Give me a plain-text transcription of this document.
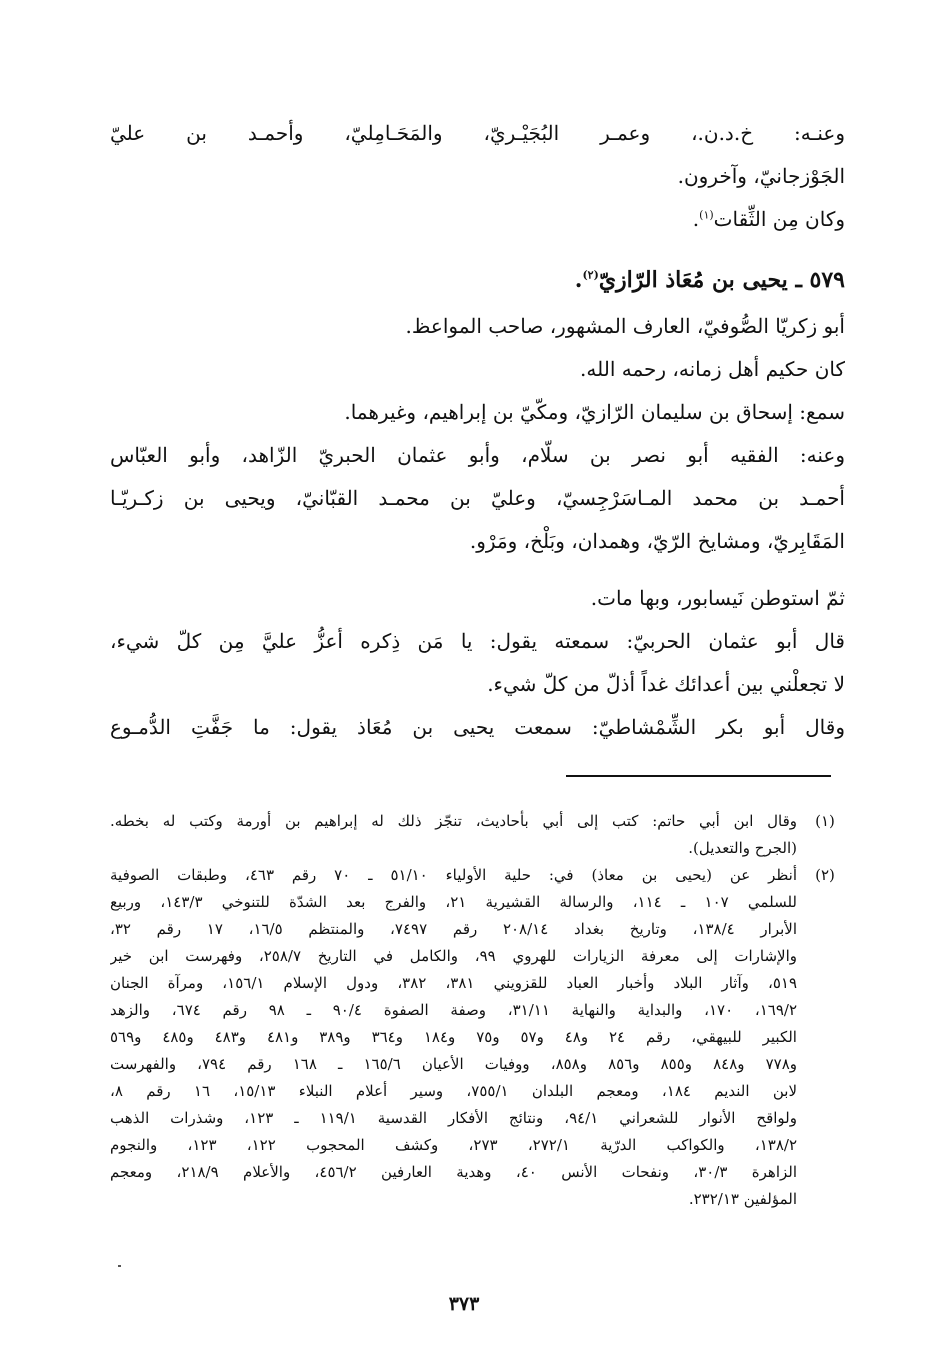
وعنـه: خ.د.ن.، وعمـر البُجَيْـريّ، والمَحَـامِليّ، وأحمـد بن عليّ
الجَوْزجانيّ، وآخرون.
وكان مِن الثِّقات$^{(١)}$.
٥٧٩ ـ يحيى بن مُعَاذ الرّازيّ$^{(٢)}$.
أبو زكريّا الصُّوفيّ، العارف المشهور، صاحب المواعظ.
كان حكيم أهل زمانه، رحمه الله.
سمع: إسحاق بن سليمان الرّازيّ، ومكّيّ بن إبراهيم، وغيرهما.
وعنه: الفقيه أبو نصر بن سلّام، وأبو عثمان الحبريّ الزّاهد، وأبو العبّاس
أحمـد بن محمد المـاسَرْجِسيّ، وعليّ بن محمـد القبّانيّ، ويحيى بن زكـريّـا
المَقَابِريّ، ومشايخ الرّيّ، وهمدان، وبَلْخ، ومَرْو.
ثمّ استوطن نَيسابور، وبها مات.
قال أبو عثمان الحربيّ: سمعته يقول: يا مَن ذِكره أعزُّ عليَّ مِن كلّ شيء،
لا تجعلْني بين أعدائك غداً أذلّ من كلّ شيء.
وقال أبو بكر الشِّمْشاطيّ: سمعت يحيى بن مُعَاذ يقول: ما جَفَّتِ الدُّمـوع
(١)
وقال ابن أبي حاتم: كتب إلى أبي بأحاديث، تنجّز ذلك له إبراهيم بن أورمة وكتب له بخطه.
(الجرح والتعديل).
(٢)
أنظر عن (يحيى بن معاذ) في: حلية الأولياء ٥١/١٠ ـ ٧٠ رقم ٤٦٣، وطبقات الصوفية
للسلمي ١٠٧ ـ ١١٤، والرسالة القشيرية ٢١، والفرج بعد الشدّة للتنوخي ١٤٣/٣، وربيع
الأبرار ١٣٨/٤، وتاريخ بغداد ٢٠٨/١٤ رقم ٧٤٩٧، والمنتظم ١٦/٥، ١٧ رقم ٣٢،
والإشارات إلى معرفة الزيارات للهروي ٩٩، والكامل في التاريخ ٢٥٨/٧، وفهرست ابن خير
٥١٩، وآثار البلاد وأخبار العباد للقزويني ٣٨١، ٣٨٢، ودول الإسلام ١٥٦/١، ومرآة الجنان
١٦٩/٢، ١٧٠، والبداية والنهاية ٣١/١١، وصفة الصفوة ٩٠/٤ ـ ٩٨ رقم ٦٧٤، والزهد
الكبير للبيهقي، رقم ٢٤ و٤٨ و٥٧ و٧٥ و١٨٤ و٣٦٤ و٣٨٩ و٤٨١ و٤٨٣ و٤٨٥ و٥٦٩
و٧٧٨ و٨٤٨ و٨٥٥ و٨٥٦ و٨٥٨، ووفيات الأعيان ١٦٥/٦ ـ ١٦٨ رقم ٧٩٤، والفهرست
لابن النديم ١٨٤، ومعجم البلدان ٧٥٥/١، وسير أعلام النبلاء ١٥/١٣، ١٦ رقم ٨،
ولواقح الأنوار للشعراني ٩٤/١، ونتائج الأفكار القدسية ١١٩/١ ـ ١٢٣، وشذرات الذهب
١٣٨/٢، والكواكب الدرّية ٢٧٢/١، ٢٧٣، وكشف المحجوب ١٢٢، ١٢٣، والنجوم
الزاهرة ٣٠/٣، ونفحات الأنس ٤٠، وهدية العارفين ٤٥٦/٢، والأعلام ٢١٨/٩، ومعجم
المؤلفين ٢٣٢/١٣.
٣٧٣
